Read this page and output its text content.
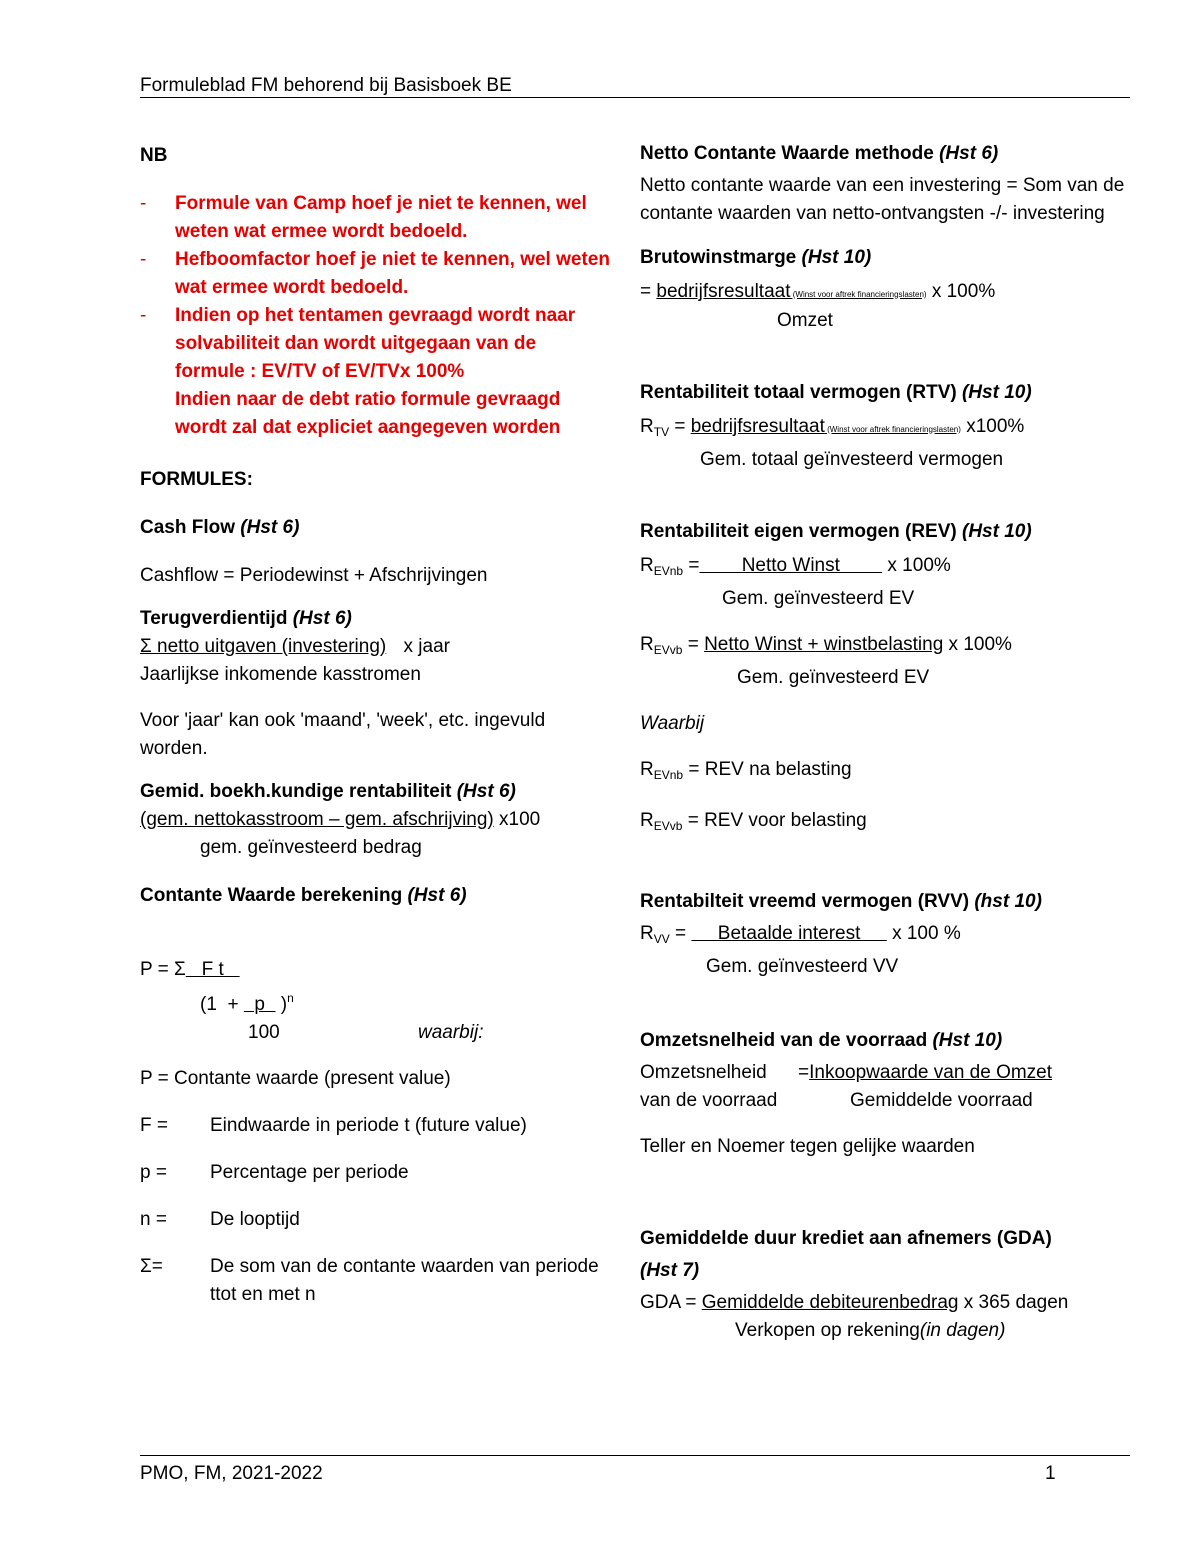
Formuleblad FM behorend bij Basisboek BE
NB
- Formule van Camp hoef je niet te kennen, wel weten wat ermee wordt bedoeld.
- Hefboomfactor hoef je niet te kennen, wel weten wat ermee wordt bedoeld.
- Indien op het tentamen gevraagd wordt naar solvabiliteit dan wordt uitgegaan van de formule : EV/TV of EV/TVx 100%
Indien naar de debt ratio formule gevraagd wordt zal dat expliciet aangegeven worden
FORMULES:
Cash Flow (Hst 6)
Cashflow = Periodewinst + Afschrijvingen
Terugverdientijd (Hst 6)
Σ netto uitgaven (investering) x jaar
Jaarlijkse inkomende kasstromen
Voor 'jaar' kan ook 'maand', 'week', etc. ingevuld worden.
Gemid. boekh.kundige rentabiliteit (Hst 6)
(gem. nettokasstroom – gem. afschrijving) x100
gem. geïnvesteerd bedrag
Contante Waarde berekening (Hst 6)
P = Σ   F t
(1  +   p   )$^n$
100	waarbij:
P = Contante waarde (present value)
F =	Eindwaarde in periode t (future value)
p =	Percentage per periode
n =	De looptijd
Σ=	De som van de contante waarden van periode ttot en met n
Netto Contante Waarde methode (Hst 6)
Netto contante waarde van een investering = Som van de contante waarden van netto-ontvangsten -/- investering
Brutowinstmarge (Hst 10)
= bedrijfsresultaat (Winst voor aftrek financieringslasten) x 100%
Omzet
Rentabiliteit totaal vermogen (RTV) (Hst 10)
$R_{TV}$ = bedrijfsresultaat (Winst voor aftrek financieringslasten) x100%
Gem. totaal geïnvesteerd vermogen
Rentabiliteit eigen vermogen (REV) (Hst 10)
$R_{EVnb}$ =        Netto Winst         x 100%
Gem. geïnvesteerd EV
$R_{EVvb}$ = Netto Winst + winstbelasting x 100%
Gem. geïnvesteerd EV
Waarbij
$R_{EVnb}$ = REV na belasting
$R_{EVvb}$ = REV voor belasting
Rentabilteit vreemd vermogen (RVV) (hst 10)
$R_{VV}$ =      Betaalde interest      x 100 %
Gem. geïnvesteerd VV
Omzetsnelheid van de voorraad (Hst 10)
Omzetsnelheid	= Inkoopwaarde van de Omzet
van de voorraad	Gemiddelde voorraad
Teller en Noemer tegen gelijke waarden
Gemiddelde duur krediet aan afnemers (GDA)
(Hst 7)
GDA = Gemiddelde debiteurenbedrag x 365 dagen
Verkopen op rekening(in dagen)
PMO, FM, 2021-2022	1
